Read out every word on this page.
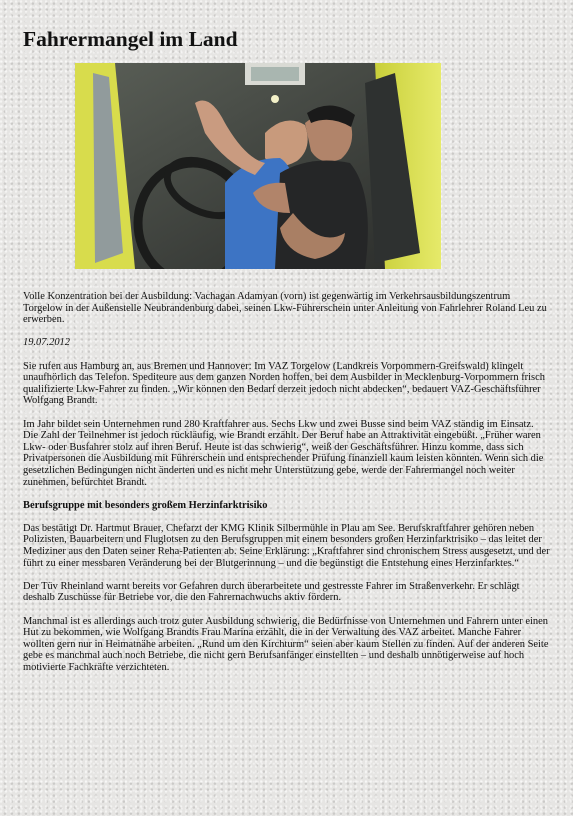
Fahrermangel im Land

Volle Konzentration bei der Ausbildung: Vachagan Adamyan (vorn) ist gegenwärtig im Verkehrsausbildungszentrum Torgelow in der Außenstelle Neubrandenburg dabei, seinen Lkw-Führerschein unter Anleitung von Fahrlehrer Roland Leu zu erwerben.

19.07.2012

Sie rufen aus Hamburg an, aus Bremen und Hannover: Im VAZ Torgelow (Landkreis Vorpommern-Greifswald) klingelt unaufhörlich das Telefon. Spediteure aus dem ganzen Norden hoffen, bei dem Ausbilder in Mecklenburg-Vorpommern frisch qualifizierte Lkw-Fahrer zu finden. „Wir können den Bedarf derzeit jedoch nicht abdecken“, bedauert VAZ-Geschäftsführer Wolfgang Brandt.

Im Jahr bildet sein Unternehmen rund 280 Kraftfahrer aus. Sechs Lkw und zwei Busse sind beim VAZ ständig im Einsatz. Die Zahl der Teilnehmer ist jedoch rückläufig, wie Brandt erzählt. Der Beruf habe an Attraktivität eingebüßt. „Früher waren Lkw- oder Busfahrer stolz auf ihren Beruf. Heute ist das schwierig“, weiß der Geschäftsführer. Hinzu komme, dass sich Privatpersonen die Ausbildung mit Führerschein und entsprechender Prüfung finanziell kaum leisten könnten. Wenn sich die gesetzlichen Bedingungen nicht änderten und es nicht mehr Unterstützung gebe, werde der Fahrermangel noch weiter zunehmen, befürchtet Brandt.

Berufsgruppe mit besonders großem Herzinfarktrisiko

Das bestätigt Dr. Hartmut Brauer, Chefarzt der KMG Klinik Silbermühle in Plau am See. Berufskraftfahrer gehören neben Polizisten, Bauarbeitern und Fluglotsen zu den Berufsgruppen mit einem besonders großen Herzinfarktrisiko – das leitet der Mediziner aus den Daten seiner Reha-Patienten ab. Seine Erklärung: „Kraftfahrer sind chronischem Stress ausgesetzt, und der führt zu einer messbaren Veränderung bei der Blutgerinnung – und die begünstigt die Entstehung eines Herzinfarktes.“

Der Tüv Rheinland warnt bereits vor Gefahren durch überarbeitete und gestresste Fahrer im Straßenverkehr. Er schlägt deshalb Zuschüsse für Betriebe vor, die den Fahrernachwuchs aktiv fördern.

Manchmal ist es allerdings auch trotz guter Ausbildung schwierig, die Bedürfnisse von Unternehmen und Fahrern unter einen Hut zu bekommen, wie Wolfgang Brandts Frau Marina erzählt, die in der Verwaltung des VAZ arbeitet. Manche Fahrer wollten gern nur in Heimatnähe arbeiten. „Rund um den Kirchturm“ seien aber kaum Stellen zu finden. Auf der anderen Seite gebe es manchmal auch noch Betriebe, die nicht gern Berufsanfänger einstellten – und deshalb unnötigerweise auf hoch motivierte Fachkräfte verzichteten.
